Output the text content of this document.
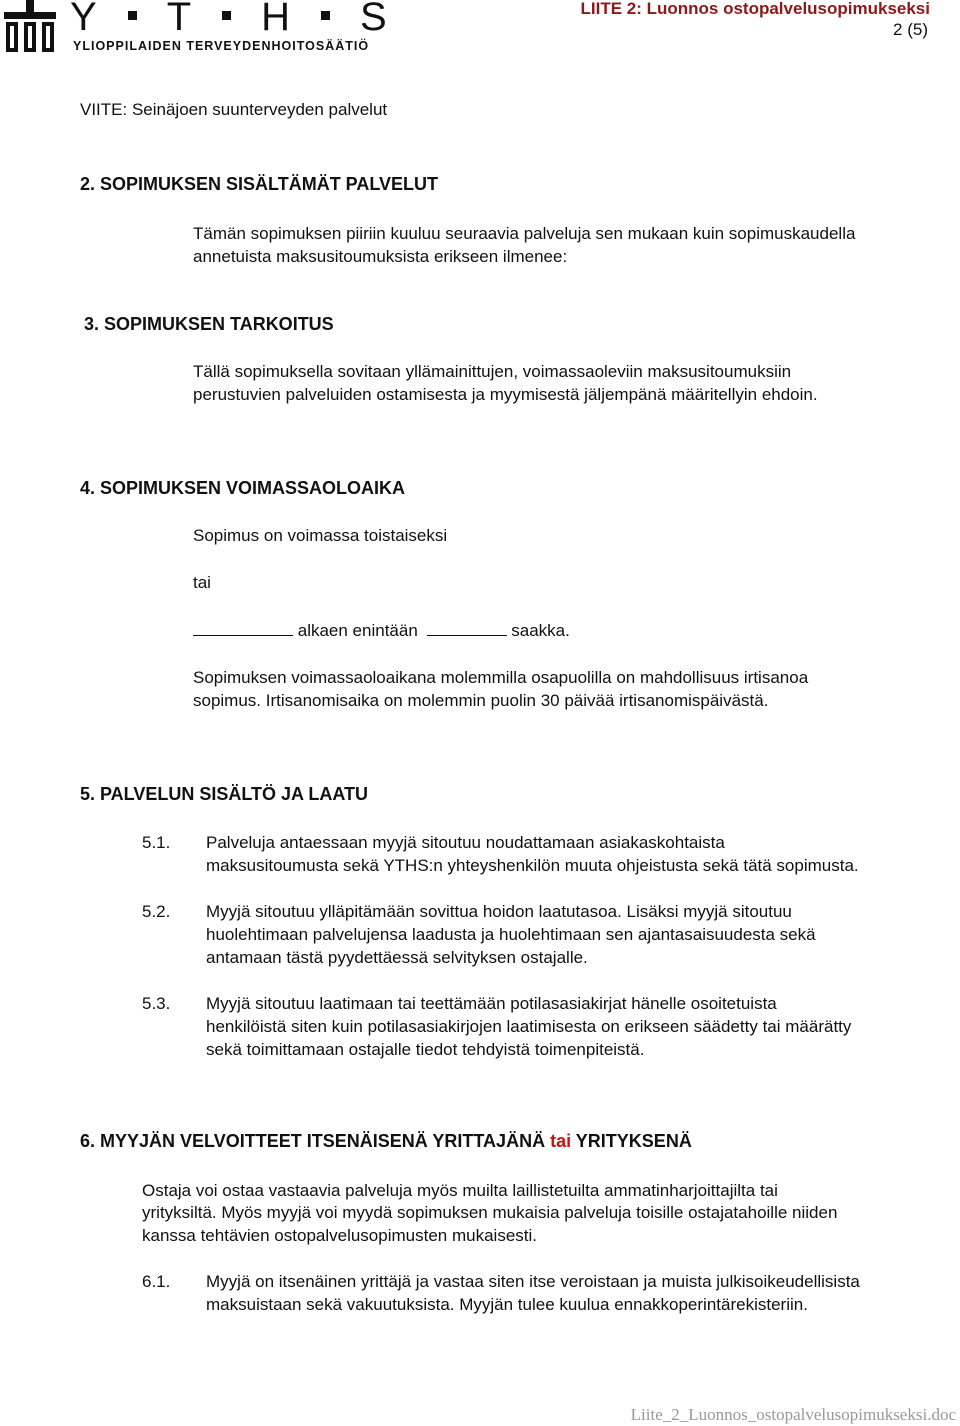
Y T H S
YLIOPPILAIDEN TERVEYDENHOITOSÄÄTIÖ
LIITE 2: Luonnos ostopalvelusopimukseksi
2 (5)
VIITE: Seinäjoen suunterveyden palvelut
2. SOPIMUKSEN SISÄLTÄMÄT PALVELUT
Tämän sopimuksen piiriin kuuluu seuraavia palveluja sen mukaan kuin sopimuskaudella
annetuista maksusitoumuksista erikseen ilmenee:
3. SOPIMUKSEN TARKOITUS
Tällä sopimuksella sovitaan yllämainittujen, voimassaoleviin maksusitoumuksiin
perustuvien palveluiden ostamisesta ja myymisestä jäljempänä määritellyin ehdoin.
4. SOPIMUKSEN VOIMASSAOLOAIKA
Sopimus on voimassa toistaiseksi
tai
alkaen enintään	saakka.
Sopimuksen voimassaoloaikana molemmilla osapuolilla on mahdollisuus irtisanoa
sopimus. Irtisanomisaika on molemmin puolin 30 päivää irtisanomispäivästä.
5. PALVELUN SISÄLTÖ JA LAATU
5.1. Palveluja antaessaan myyjä sitoutuu noudattamaan asiakaskohtaista
maksusitoumusta sekä YTHS:n yhteyshenkilön muuta ohjeistusta sekä tätä sopimusta.
5.2. Myyjä sitoutuu ylläpitämään sovittua hoidon laatutasoa. Lisäksi myyjä sitoutuu
huolehtimaan palvelujensa laadusta ja huolehtimaan sen ajantasaisuudesta sekä
antamaan tästä pyydettäessä selvityksen ostajalle.
5.3. Myyjä sitoutuu laatimaan tai teettämään potilasasiakirjat hänelle osoitetuista
henkilöistä siten kuin potilasasiakirjojen laatimisesta on erikseen säädetty tai määrätty
sekä toimittamaan ostajalle tiedot tehdyistä toimenpiteistä.
6. MYYJÄN VELVOITTEET ITSENÄISENÄ YRITTAJÄNÄ tai YRITYKSENÄ
Ostaja voi ostaa vastaavia palveluja myös muilta laillistetuilta ammatinharjoittajilta tai
yrityksiltä. Myös myyjä voi myydä sopimuksen mukaisia palveluja toisille ostajatahoille niiden
kanssa tehtävien ostopalvelusopimusten mukaisesti.
6.1. Myyjä on itsenäinen yrittäjä ja vastaa siten itse veroistaan ja muista julkisoikeudellisista
maksuistaan sekä vakuutuksista. Myyjän tulee kuulua ennakkoperintärekisteriin.
Liite_2_Luonnos_ostopalvelusopimukseksi.doc
